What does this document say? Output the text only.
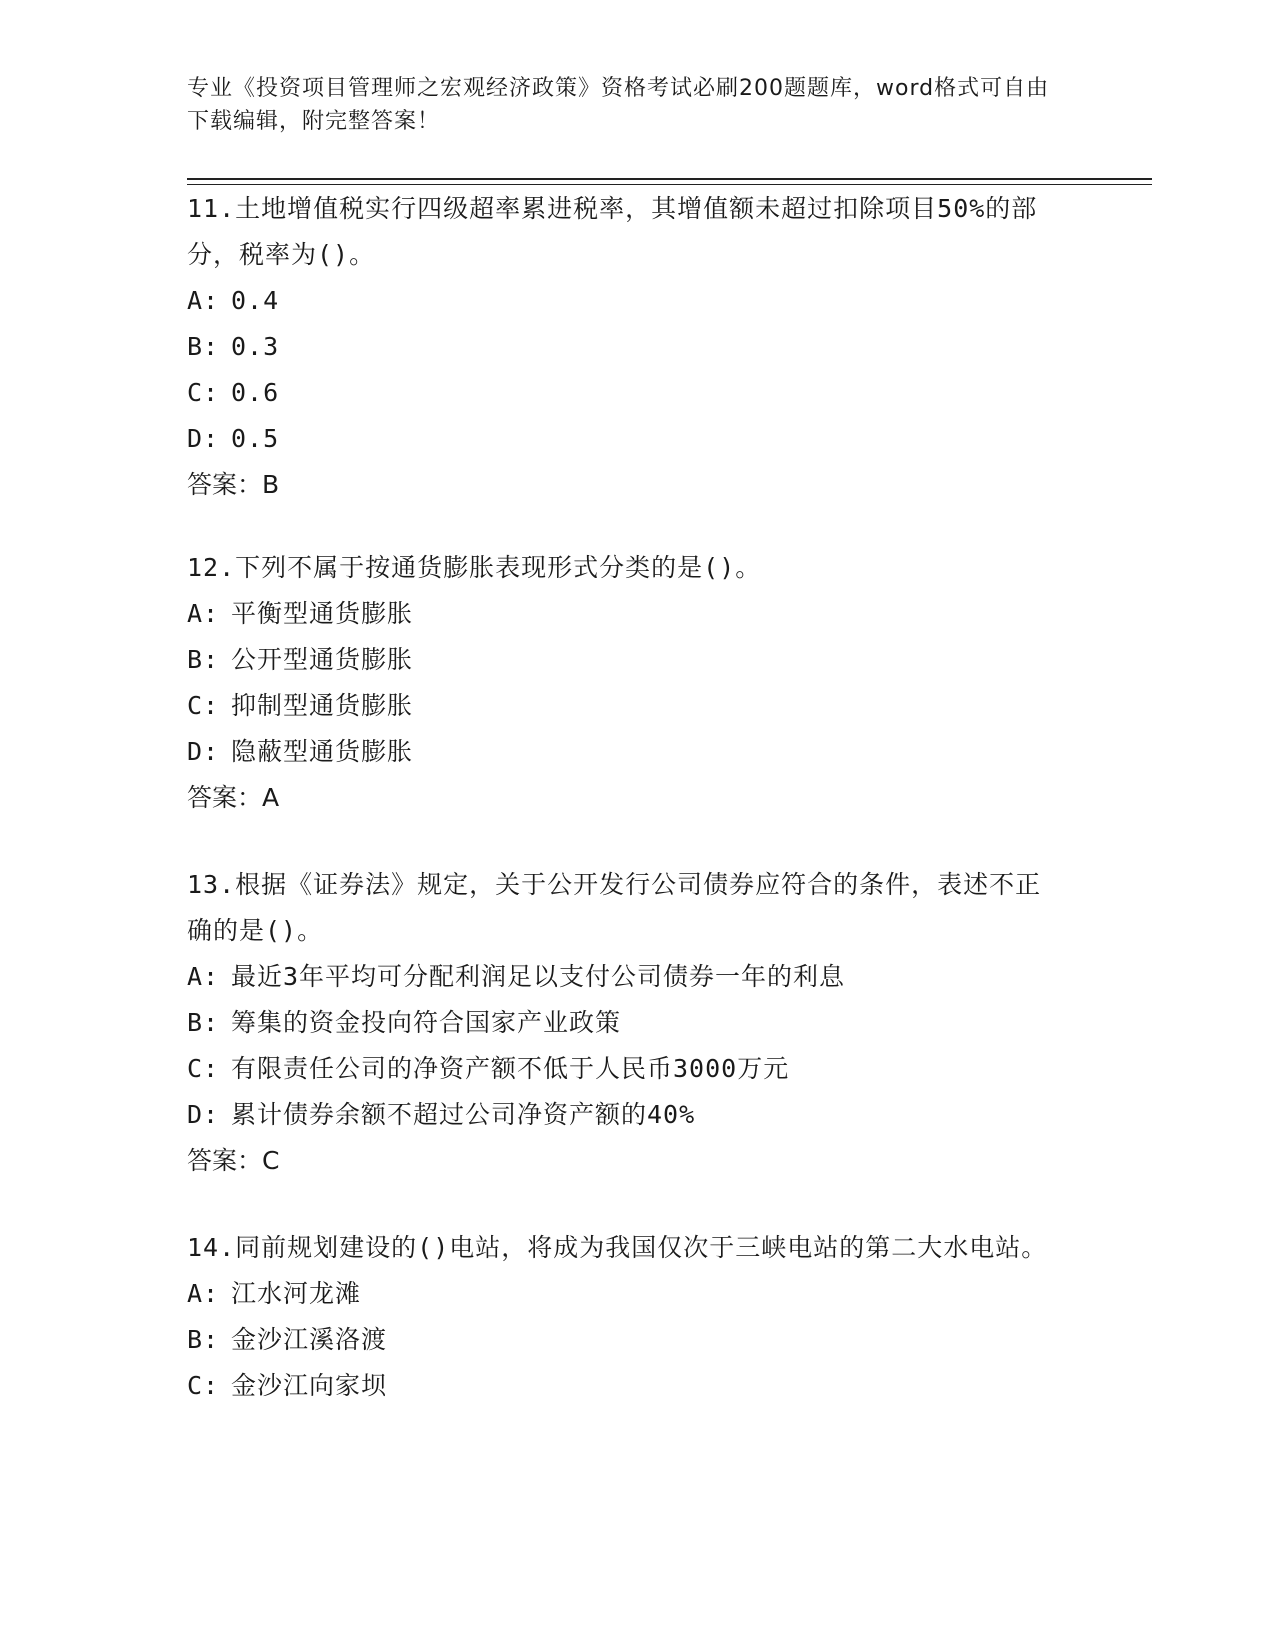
专业《投资项目管理师之宏观经济政策》资格考试必刷200题题库，word格式可自由下载编辑，附完整答案！

11.土地增值税实行四级超率累进税率，其增值额未超过扣除项目50%的部分，税率为()。

A: 0.4

B: 0.3

C: 0.6

D: 0.5

答案：B

12.下列不属于按通货膨胀表现形式分类的是()。

A: 平衡型通货膨胀

B: 公开型通货膨胀

C: 抑制型通货膨胀

D: 隐蔽型通货膨胀

答案：A

13.根据《证券法》规定，关于公开发行公司债券应符合的条件，表述不正确的是()。

A: 最近3年平均可分配利润足以支付公司债券一年的利息

B: 筹集的资金投向符合国家产业政策

C: 有限责任公司的净资产额不低于人民币3000万元

D: 累计债券余额不超过公司净资产额的40%

答案：C

14.同前规划建设的()电站，将成为我国仅次于三峡电站的第二大水电站。

A: 江水河龙滩

B: 金沙江溪洛渡

C: 金沙江向家坝
